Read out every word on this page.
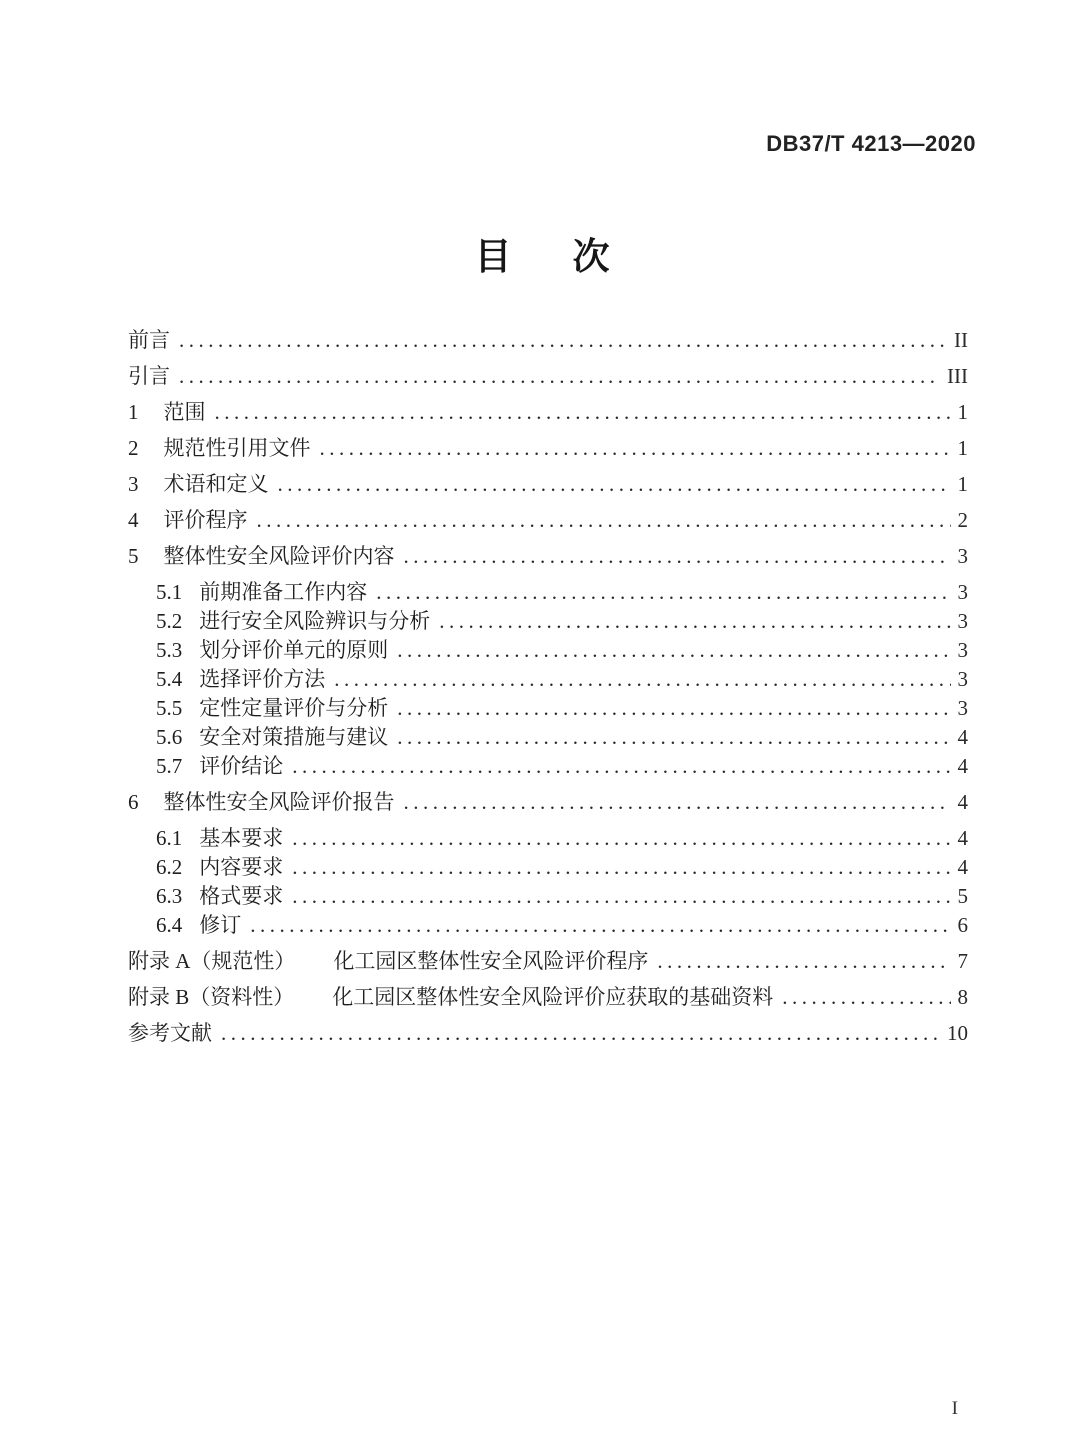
DB37/T 4213—2020
目　次
前言 .....	II
引言 .....	III
1 范围 .....	1
2 规范性引用文件 .....	1
3 术语和定义 .....	1
4 评价程序 .....	2
5 整体性安全风险评价内容 .....	3
5.1 前期准备工作内容 .....	3
5.2 进行安全风险辨识与分析 .....	3
5.3 划分评价单元的原则 .....	3
5.4 选择评价方法 .....	3
5.5 定性定量评价与分析 .....	3
5.6 安全对策措施与建议 .....	4
5.7 评价结论 .....	4
6 整体性安全风险评价报告 .....	4
6.1 基本要求 .....	4
6.2 内容要求 .....	4
6.3 格式要求 .....	5
6.4 修订 .....	6
附录 A（规范性） 化工园区整体性安全风险评价程序 .....	7
附录 B（资料性） 化工园区整体性安全风险评价应获取的基础资料 .....	8
参考文献 .....	10
I
